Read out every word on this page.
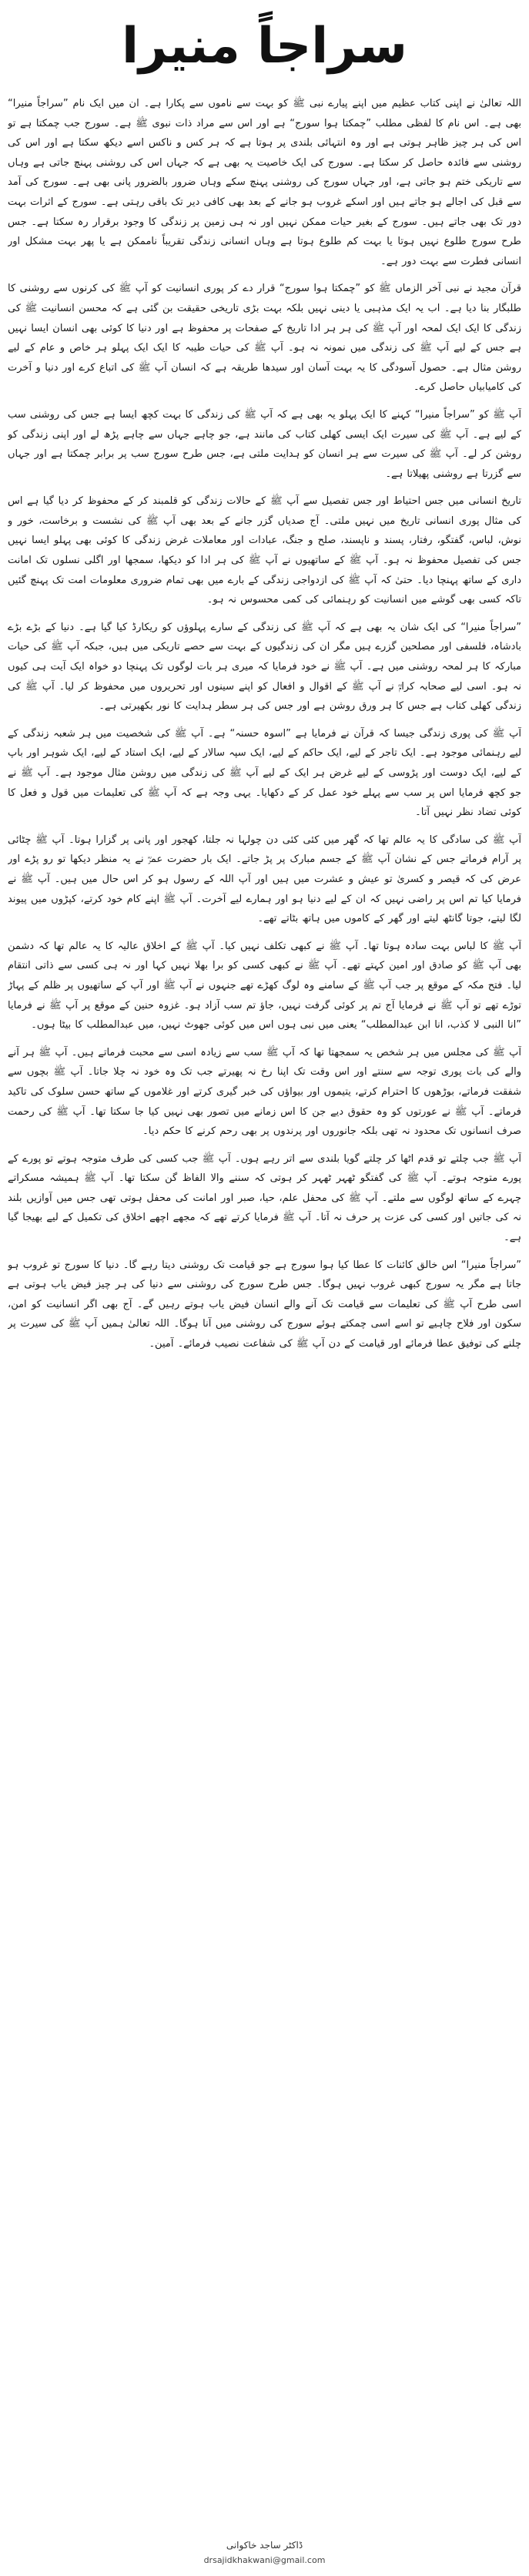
سراجاً منیرا

اللہ تعالیٰ نے اپنی کتاب عظیم میں اپنے پیارے نبی ﷺ کو بہت سے ناموں سے پکارا ہے۔ ان میں ایک نام ”سراجاً منیرا“ بھی ہے۔ اس نام کا لفظی مطلب ”چمکتا ہوا سورج“ ہے اور اس سے مراد ذات نبوی ﷺ ہے۔ سورج جب چمکتا ہے تو اس کی ہر چیز ظاہر ہوتی ہے اور وہ انتہائی بلندی پر ہوتا ہے کہ ہر کس و ناکس اسے دیکھ سکتا ہے اور اس کی روشنی سے فائدہ حاصل کر سکتا ہے۔ سورج کی ایک خاصیت یہ بھی ہے کہ جہاں اس کی روشنی پہنچ جاتی ہے وہاں سے تاریکی ختم ہو جاتی ہے، اور جہاں سورج کی روشنی پہنچ سکے وہاں ضرور بالضرور پانی بھی ہے۔ سورج کی آمد سے قبل کی اجالے ہو جاتے ہیں اور اسکے غروب ہو جانے کے بعد بھی کافی دیر تک باقی رہتی ہے۔ سورج کے اثرات بہت دور تک بھی جاتے ہیں۔ سورج کے بغیر حیات ممکن نہیں اور نہ ہی زمین پر زندگی کا وجود برقرار رہ سکتا ہے۔ جس طرح سورج طلوع نہیں ہوتا یا بہت کم طلوع ہوتا ہے وہاں انسانی زندگی تقریباً ناممکن ہے یا پھر بہت مشکل اور انسانی فطرت سے بہت دور ہے۔

قرآن مجید نے نبی آخر الزماں ﷺ کو ”چمکتا ہوا سورج“ قرار دے کر پوری انسانیت کو آپ ﷺ کی کرنوں سے روشنی کا طلبگار بنا دیا ہے۔ اب یہ ایک مذہبی یا دینی نہیں بلکہ بہت بڑی تاریخی حقیقت بن گئی ہے کہ محسن انسانیت ﷺ کی زندگی کا ایک ایک لمحہ اور آپ ﷺ کی ہر ہر ادا تاریخ کے صفحات پر محفوظ ہے اور دنیا کا کوئی بھی انسان ایسا نہیں ہے جس کے لیے آپ ﷺ کی زندگی میں نمونہ نہ ہو۔ آپ ﷺ کی حیات طیبہ کا ایک ایک پہلو ہر خاص و عام کے لیے روشن مثال ہے۔ حصول آسودگی کا یہ بہت آسان اور سیدھا طریقہ ہے کہ انسان آپ ﷺ کی اتباع کرے اور دنیا و آخرت کی کامیابیاں حاصل کرے۔

آپ ﷺ کو ”سراجاً منیرا“ کہنے کا ایک پہلو یہ بھی ہے کہ آپ ﷺ کی زندگی کا بہت کچھ ایسا ہے جس کی روشنی سب کے لیے ہے۔ آپ ﷺ کی سیرت ایک ایسی کھلی کتاب کی مانند ہے، جو چاہے جہاں سے چاہے پڑھ لے اور اپنی زندگی کو روشن کر لے۔ آپ ﷺ کی سیرت سے ہر انسان کو ہدایت ملتی ہے، جس طرح سورج سب پر برابر چمکتا ہے اور جہاں سے گزرتا ہے روشنی پھیلاتا ہے۔

تاریخ انسانی میں جس احتیاط اور جس تفصیل سے آپ ﷺ کے حالات زندگی کو قلمبند کر کے محفوظ کر دیا گیا ہے اس کی مثال پوری انسانی تاریخ میں نہیں ملتی۔ آج صدیاں گزر جانے کے بعد بھی آپ ﷺ کی نشست و برخاست، خور و نوش، لباس، گفتگو، رفتار، پسند و ناپسند، صلح و جنگ، عبادات اور معاملات غرض زندگی کا کوئی بھی پہلو ایسا نہیں جس کی تفصیل محفوظ نہ ہو۔ آپ ﷺ کے ساتھیوں نے آپ ﷺ کی ہر ادا کو دیکھا، سمجھا اور اگلی نسلوں تک امانت داری کے ساتھ پہنچا دیا۔ حتیٰ کہ آپ ﷺ کی ازدواجی زندگی کے بارے میں بھی تمام ضروری معلومات امت تک پہنچ گئیں تاکہ کسی بھی گوشے میں انسانیت کو رہنمائی کی کمی محسوس نہ ہو۔

”سراجاً منیرا“ کی ایک شان یہ بھی ہے کہ آپ ﷺ کی زندگی کے سارے پہلوؤں کو ریکارڈ کیا گیا ہے۔ دنیا کے بڑے بڑے بادشاہ، فلسفی اور مصلحین گزرے ہیں مگر ان کی زندگیوں کے بہت سے حصے تاریکی میں ہیں، جبکہ آپ ﷺ کی حیات مبارکہ کا ہر لمحہ روشنی میں ہے۔ آپ ﷺ نے خود فرمایا کہ میری ہر بات لوگوں تک پہنچا دو خواہ ایک آیت ہی کیوں نہ ہو۔ اسی لیے صحابہ کرامؓ نے آپ ﷺ کے اقوال و افعال کو اپنے سینوں اور تحریروں میں محفوظ کر لیا۔ آپ ﷺ کی زندگی کھلی کتاب ہے جس کا ہر ورق روشن ہے اور جس کی ہر سطر ہدایت کا نور بکھیرتی ہے۔

آپ ﷺ کی پوری زندگی جیسا کہ قرآن نے فرمایا ہے ”اسوہ حسنہ“ ہے۔ آپ ﷺ کی شخصیت میں ہر شعبہ زندگی کے لیے رہنمائی موجود ہے۔ ایک تاجر کے لیے، ایک حاکم کے لیے، ایک سپہ سالار کے لیے، ایک استاد کے لیے، ایک شوہر اور باپ کے لیے، ایک دوست اور پڑوسی کے لیے غرض ہر ایک کے لیے آپ ﷺ کی زندگی میں روشن مثال موجود ہے۔ آپ ﷺ نے جو کچھ فرمایا اس پر سب سے پہلے خود عمل کر کے دکھایا۔ یہی وجہ ہے کہ آپ ﷺ کی تعلیمات میں قول و فعل کا کوئی تضاد نظر نہیں آتا۔

آپ ﷺ کی سادگی کا یہ عالم تھا کہ گھر میں کئی کئی دن چولہا نہ جلتا، کھجور اور پانی پر گزارا ہوتا۔ آپ ﷺ چٹائی پر آرام فرماتے جس کے نشان آپ ﷺ کے جسم مبارک پر پڑ جاتے۔ ایک بار حضرت عمرؓ نے یہ منظر دیکھا تو رو پڑے اور عرض کی کہ قیصر و کسریٰ تو عیش و عشرت میں ہیں اور آپ اللہ کے رسول ہو کر اس حال میں ہیں۔ آپ ﷺ نے فرمایا کیا تم اس پر راضی نہیں کہ ان کے لیے دنیا ہو اور ہمارے لیے آخرت۔ آپ ﷺ اپنے کام خود کرتے، کپڑوں میں پیوند لگا لیتے، جوتا گانٹھ لیتے اور گھر کے کاموں میں ہاتھ بٹاتے تھے۔

آپ ﷺ کا لباس بہت سادہ ہوتا تھا۔ آپ ﷺ نے کبھی تکلف نہیں کیا۔ آپ ﷺ کے اخلاق عالیہ کا یہ عالم تھا کہ دشمن بھی آپ ﷺ کو صادق اور امین کہتے تھے۔ آپ ﷺ نے کبھی کسی کو برا بھلا نہیں کہا اور نہ ہی کسی سے ذاتی انتقام لیا۔ فتح مکہ کے موقع پر جب آپ ﷺ کے سامنے وہ لوگ کھڑے تھے جنہوں نے آپ ﷺ اور آپ کے ساتھیوں پر ظلم کے پہاڑ توڑے تھے تو آپ ﷺ نے فرمایا آج تم پر کوئی گرفت نہیں، جاؤ تم سب آزاد ہو۔ غزوہ حنین کے موقع پر آپ ﷺ نے فرمایا ”انا النبی لا کذب، انا ابن عبدالمطلب“ یعنی میں نبی ہوں اس میں کوئی جھوٹ نہیں، میں عبدالمطلب کا بیٹا ہوں۔

آپ ﷺ کی مجلس میں ہر شخص یہ سمجھتا تھا کہ آپ ﷺ سب سے زیادہ اسی سے محبت فرماتے ہیں۔ آپ ﷺ ہر آنے والے کی بات پوری توجہ سے سنتے اور اس وقت تک اپنا رخ نہ پھیرتے جب تک وہ خود نہ چلا جاتا۔ آپ ﷺ بچوں سے شفقت فرماتے، بوڑھوں کا احترام کرتے، یتیموں اور بیواؤں کی خبر گیری کرتے اور غلاموں کے ساتھ حسن سلوک کی تاکید فرماتے۔ آپ ﷺ نے عورتوں کو وہ حقوق دیے جن کا اس زمانے میں تصور بھی نہیں کیا جا سکتا تھا۔ آپ ﷺ کی رحمت صرف انسانوں تک محدود نہ تھی بلکہ جانوروں اور پرندوں پر بھی رحم کرنے کا حکم دیا۔

آپ ﷺ جب چلتے تو قدم اٹھا کر چلتے گویا بلندی سے اتر رہے ہوں۔ آپ ﷺ جب کسی کی طرف متوجہ ہوتے تو پورے کے پورے متوجہ ہوتے۔ آپ ﷺ کی گفتگو ٹھہر ٹھہر کر ہوتی کہ سننے والا الفاظ گن سکتا تھا۔ آپ ﷺ ہمیشہ مسکراتے چہرے کے ساتھ لوگوں سے ملتے۔ آپ ﷺ کی محفل علم، حیا، صبر اور امانت کی محفل ہوتی تھی جس میں آوازیں بلند نہ کی جاتیں اور کسی کی عزت پر حرف نہ آتا۔ آپ ﷺ فرمایا کرتے تھے کہ مجھے اچھے اخلاق کی تکمیل کے لیے بھیجا گیا ہے۔

”سراجاً منیرا“ اس خالق کائنات کا عطا کیا ہوا سورج ہے جو قیامت تک روشنی دیتا رہے گا۔ دنیا کا سورج تو غروب ہو جاتا ہے مگر یہ سورج کبھی غروب نہیں ہوگا۔ جس طرح سورج کی روشنی سے دنیا کی ہر چیز فیض یاب ہوتی ہے اسی طرح آپ ﷺ کی تعلیمات سے قیامت تک آنے والے انسان فیض یاب ہوتے رہیں گے۔ آج بھی اگر انسانیت کو امن، سکون اور فلاح چاہیے تو اسے اسی چمکتے ہوئے سورج کی روشنی میں آنا ہوگا۔ اللہ تعالیٰ ہمیں آپ ﷺ کی سیرت پر چلنے کی توفیق عطا فرمائے اور قیامت کے دن آپ ﷺ کی شفاعت نصیب فرمائے۔ آمین۔

ڈاکٹر ساجد خاکوانی
drsajidkhakwani@gmail.com
